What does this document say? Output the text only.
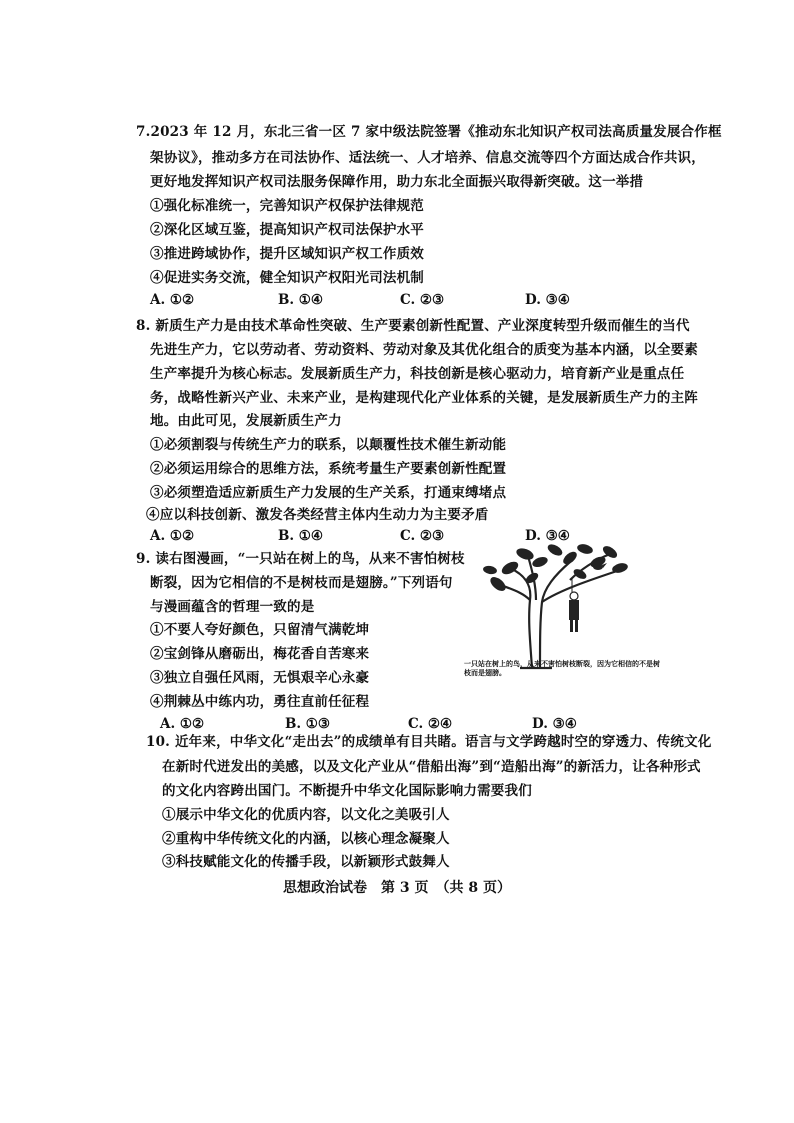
7.2023 年 12 月，东北三省一区 7 家中级法院签署《推动东北知识产权司法高质量发展合作框
架协议》，推动多方在司法协作、适法统一、人才培养、信息交流等四个方面达成合作共识，
更好地发挥知识产权司法服务保障作用，助力东北全面振兴取得新突破。这一举措
①强化标准统一，完善知识产权保护法律规范
②深化区域互鉴，提高知识产权司法保护水平
③推进跨域协作，提升区域知识产权工作质效
④促进实务交流，健全知识产权阳光司法机制
A. ①②	B. ①④	C. ②③	D. ③④
8. 新质生产力是由技术革命性突破、生产要素创新性配置、产业深度转型升级而催生的当代
先进生产力，它以劳动者、劳动资料、劳动对象及其优化组合的质变为基本内涵，以全要素
生产率提升为核心标志。发展新质生产力，科技创新是核心驱动力，培育新产业是重点任
务，战略性新兴产业、未来产业，是构建现代化产业体系的关键，是发展新质生产力的主阵
地。由此可见，发展新质生产力
①必须割裂与传统生产力的联系，以颠覆性技术催生新动能
②必须运用综合的思维方法，系统考量生产要素创新性配置
③必须塑造适应新质生产力发展的生产关系，打通束缚堵点
④应以科技创新、激发各类经营主体内生动力为主要矛盾
A. ①②	B. ①④	C. ②③	D. ③④
9. 读右图漫画，“一只站在树上的鸟，从来不害怕树枝
断裂，因为它相信的不是树枝而是翅膀。”下列语句
与漫画蕴含的哲理一致的是
①不要人夸好颜色，只留清气满乾坤
②宝剑锋从磨砺出，梅花香自苦寒来
③独立自强任风雨，无惧艰辛心永豪
④荆棘丛中练内功，勇往直前任征程
A. ①②	B. ①③	C. ②④	D. ③④
一只站在树上的鸟，从来不害怕树枝断裂，因为它相信的不是树枝而是翅膀。
10. 近年来，中华文化“走出去”的成绩单有目共睹。语言与文学跨越时空的穿透力、传统文化
在新时代迸发出的美感，以及文化产业从“借船出海”到“造船出海”的新活力，让各种形式
的文化内容跨出国门。不断提升中华文化国际影响力需要我们
①展示中华文化的优质内容，以文化之美吸引人
②重构中华传统文化的内涵，以核心理念凝聚人
③科技赋能文化的传播手段，以新颖形式鼓舞人
思想政治试卷　第 3 页　（共 8 页）
